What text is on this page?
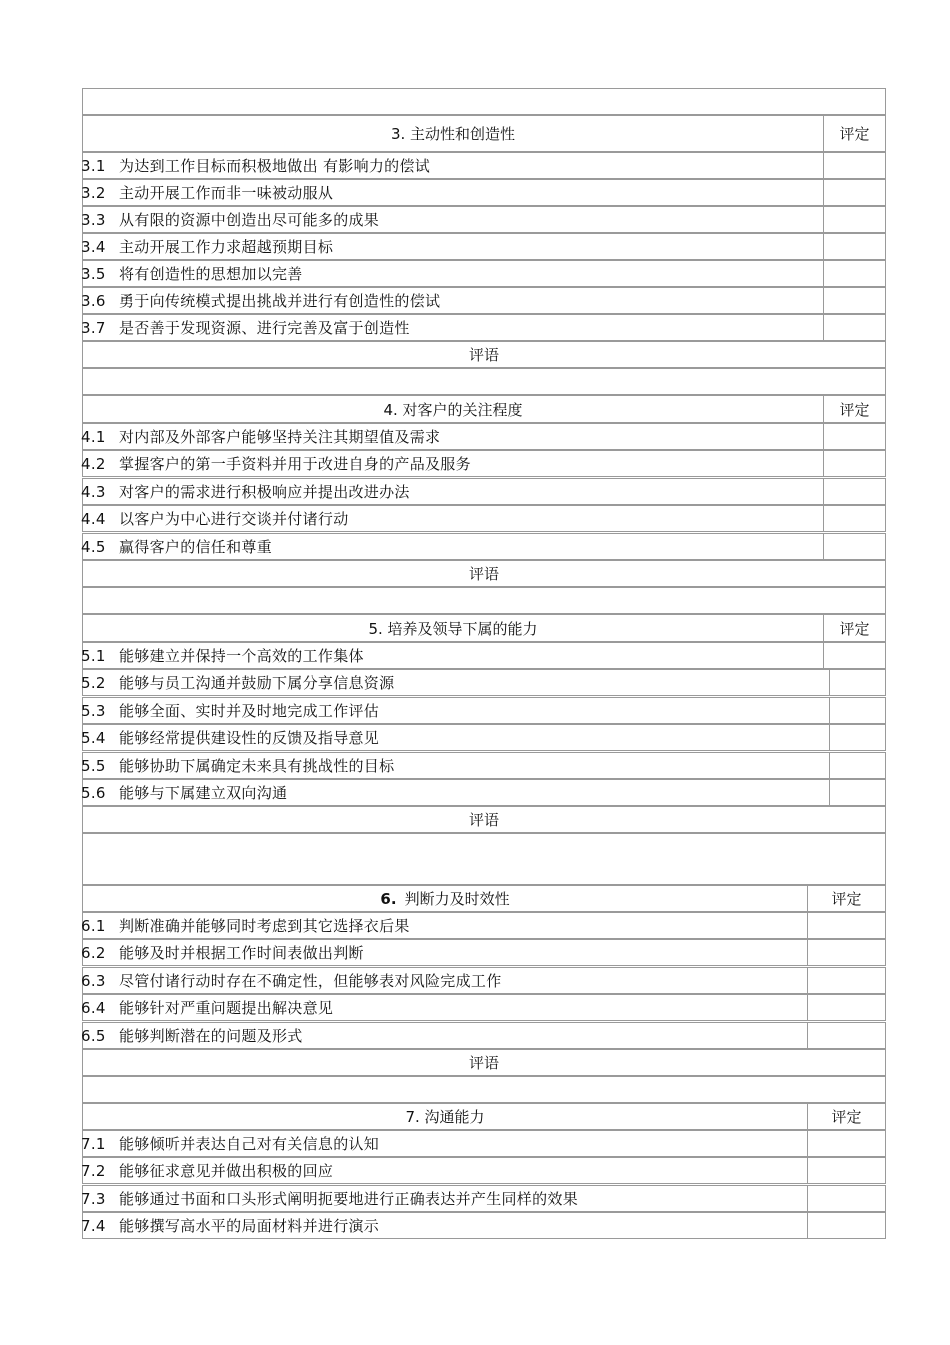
3. 主动性和创造性	评定
3.1 为达到工作目标而积极地做出 有影响力的偿试
3.2 主动开展工作而非一味被动服从
3.3 从有限的资源中创造出尽可能多的成果
3.4 主动开展工作力求超越预期目标
3.5 将有创造性的思想加以完善
3.6 勇于向传统模式提出挑战并进行有创造性的偿试
3.7 是否善于发现资源、进行完善及富于创造性
评语
4. 对客户的关注程度	评定
4.1 对内部及外部客户能够坚持关注其期望值及需求
4.2 掌握客户的第一手资料并用于改进自身的产品及服务
4.3 对客户的需求进行积极响应并提出改进办法
4.4 以客户为中心进行交谈并付诸行动
4.5 赢得客户的信任和尊重
评语
5. 培养及领导下属的能力	评定
5.1 能够建立并保持一个高效的工作集体
5.2 能够与员工沟通并鼓励下属分享信息资源
5.3 能够全面、实时并及时地完成工作评估
5.4 能够经常提供建设性的反馈及指导意见
5.5 能够协助下属确定未来具有挑战性的目标
5.6 能够与下属建立双向沟通
评语
6. 判断力及时效性	评定
6.1 判断准确并能够同时考虑到其它选择衣后果
6.2 能够及时并根据工作时间表做出判断
6.3 尽管付诸行动时存在不确定性，但能够表对风险完成工作
6.4 能够针对严重问题提出解决意见
6.5 能够判断潜在的问题及形式
评语
7. 沟通能力	评定
7.1 能够倾听并表达自己对有关信息的认知
7.2 能够征求意见并做出积极的回应
7.3 能够通过书面和口头形式阐明扼要地进行正确表达并产生同样的效果
7.4 能够撰写高水平的局面材料并进行演示
